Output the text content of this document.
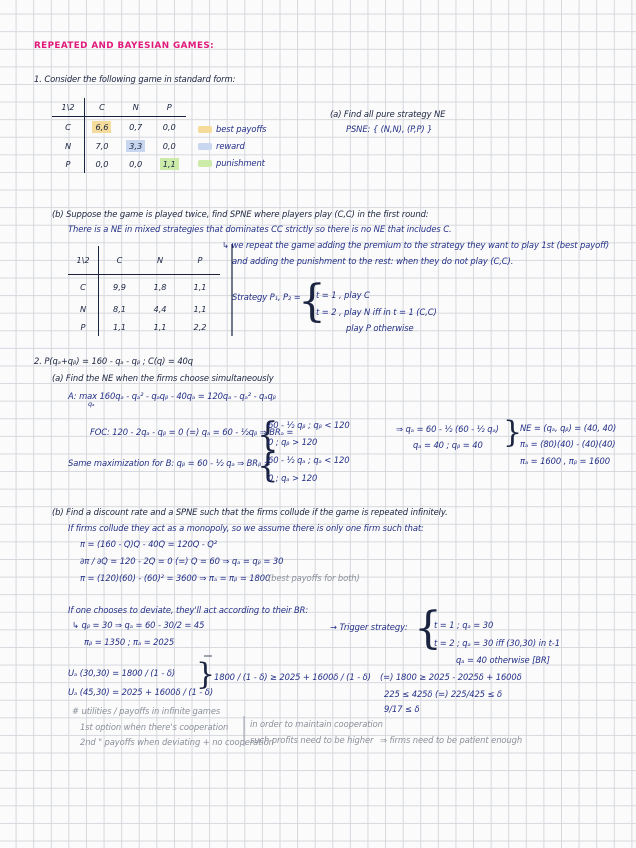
REPEATED AND BAYESIAN GAMES:
1. Consider the following game in standard form:
1\2	C	N	P
C	6,6	0,7	0,0
N	7,0	3,3	0,0
P	0,0	0,0	1,1
best payoffs
reward
punishment
(a) Find all pure strategy NE
PSNE: { (N,N), (P,P) }
(b) Suppose the game is played twice, find SPNE where players play (C,C) in the first round:
There is a NE in mixed strategies that dominates CC strictly so there is no NE that includes C.
↳ we repeat the game adding the premium to the strategy they want to play 1st (best payoff)
and adding the punishment to the rest: when they do not play (C,C).
1\2	C	N	P
C	9,9	1,8	1,1
N	8,1	4,4	1,1
P	1,1	1,1	2,2
Strategy P₁, P₂ =
{
t = 1 , play C
t = 2 , play N iff in t = 1 (C,C)
play P otherwise
2. P(qₐ+qᵦ) = 160 - qₐ - qᵦ ; C(q) = 40q
(a) Find the NE when the firms choose simultaneously
A: max 160qₐ - qₐ² - qₐqᵦ - 40qₐ = 120qₐ - qₐ² - qₐqᵦ
qₐ
FOC: 120 - 2qₐ - qᵦ = 0 (=) qₐ = 60 - ½qᵦ ⇒ BRₐ =
{
60 - ½ qᵦ ; qᵦ < 120
0 ; qᵦ > 120
Same maximization for B: qᵦ = 60 - ½ qₐ ⇒ BRᵦ =
{
60 - ½ qₐ ; qₐ < 120
0 ; qₐ > 120
⇒ qₐ = 60 - ½ (60 - ½ qₐ)
qₐ = 40 ; qᵦ = 40 }
NE = (qₐ, qᵦ) = (40, 40)
πₐ = (80)(40) - (40)(40)
πₐ = 1600 , πᵦ = 1600
(b) Find a discount rate and a SPNE such that the firms collude if the game is repeated infinitely.
If firms collude they act as a monopoly, so we assume there is only one firm such that:
π = (160 - Q)Q - 40Q = 120Q - Q²
∂π / ∂Q = 120 - 2Q = 0 (=) Q = 60 ⇒ qₐ = qᵦ = 30
π = (120)(60) - (60)² = 3600 ⇒ πₐ = πᵦ = 1800
(best payoffs for both)
If one chooses to deviate, they'll act according to their BR:
↳ qᵦ = 30 ⇒ qₐ = 60 - 30/2 = 45
πᵦ = 1350 ; πₐ = 2025
→ Trigger strategy: {
t = 1 ; qₐ = 30
t = 2 ; qₐ = 30 iff (30,30) in t-1
qₐ = 40 otherwise [BR]
Uₐ (30,30) = 1800 / (1 - δ)
Uₐ (45,30) = 2025 + 1600δ / (1 - δ)
}
1800 / (1 - δ) ≥ 2025 + 1600δ / (1 - δ) (=) 1800 ≥ 2025 - 2025δ + 1600δ
225 ≤ 425δ (=) 225/425 ≤ δ
9/17 ≤ δ
# utilities / payoffs in infinite games
1st option when there's cooperation
2nd " payoffs when deviating + no cooperation
in order to maintain cooperation
such profits need to be higher ⇒ firms need to be patient enough
